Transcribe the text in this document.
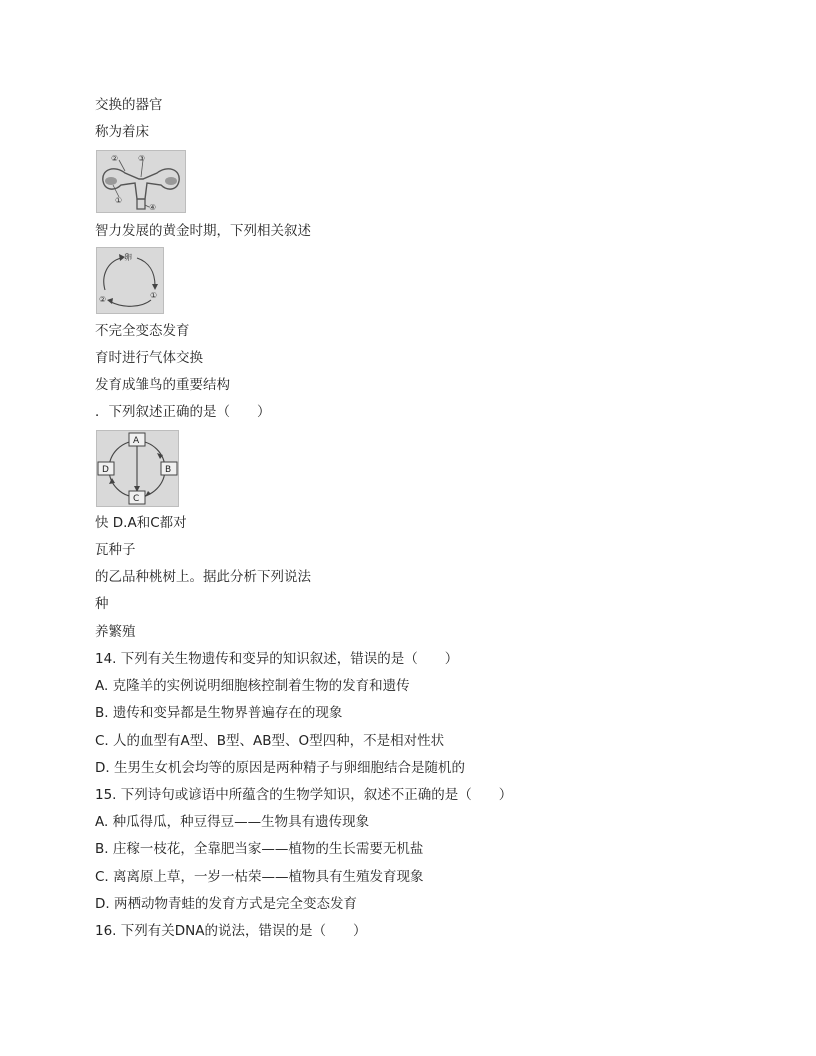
交换的器官
称为着床
② ③
①
④
智力发展的黄金时期，下列相关叙述
卵
①
②
不完全变态发育
育时进行气体交换
发育成雏鸟的重要结构
．下列叙述正确的是（　　）
A
B
C
D
快 D.A和C都对
瓦种子
的乙品种桃树上。据此分析下列说法
种
养繁殖
14. 下列有关生物遗传和变异的知识叙述，错误的是（　　）
A. 克隆羊的实例说明细胞核控制着生物的发育和遗传
B. 遗传和变异都是生物界普遍存在的现象
C. 人的血型有A型、B型、AB型、O型四种，不是相对性状
D. 生男生女机会均等的原因是两种精子与卵细胞结合是随机的
15. 下列诗句或谚语中所蕴含的生物学知识，叙述不正确的是（　　）
A. 种瓜得瓜，种豆得豆——生物具有遗传现象
B. 庄稼一枝花，全靠肥当家——植物的生长需要无机盐
C. 离离原上草，一岁一枯荣——植物具有生殖发育现象
D. 两栖动物青蛙的发育方式是完全变态发育
16. 下列有关DNA的说法，错误的是（　　）
